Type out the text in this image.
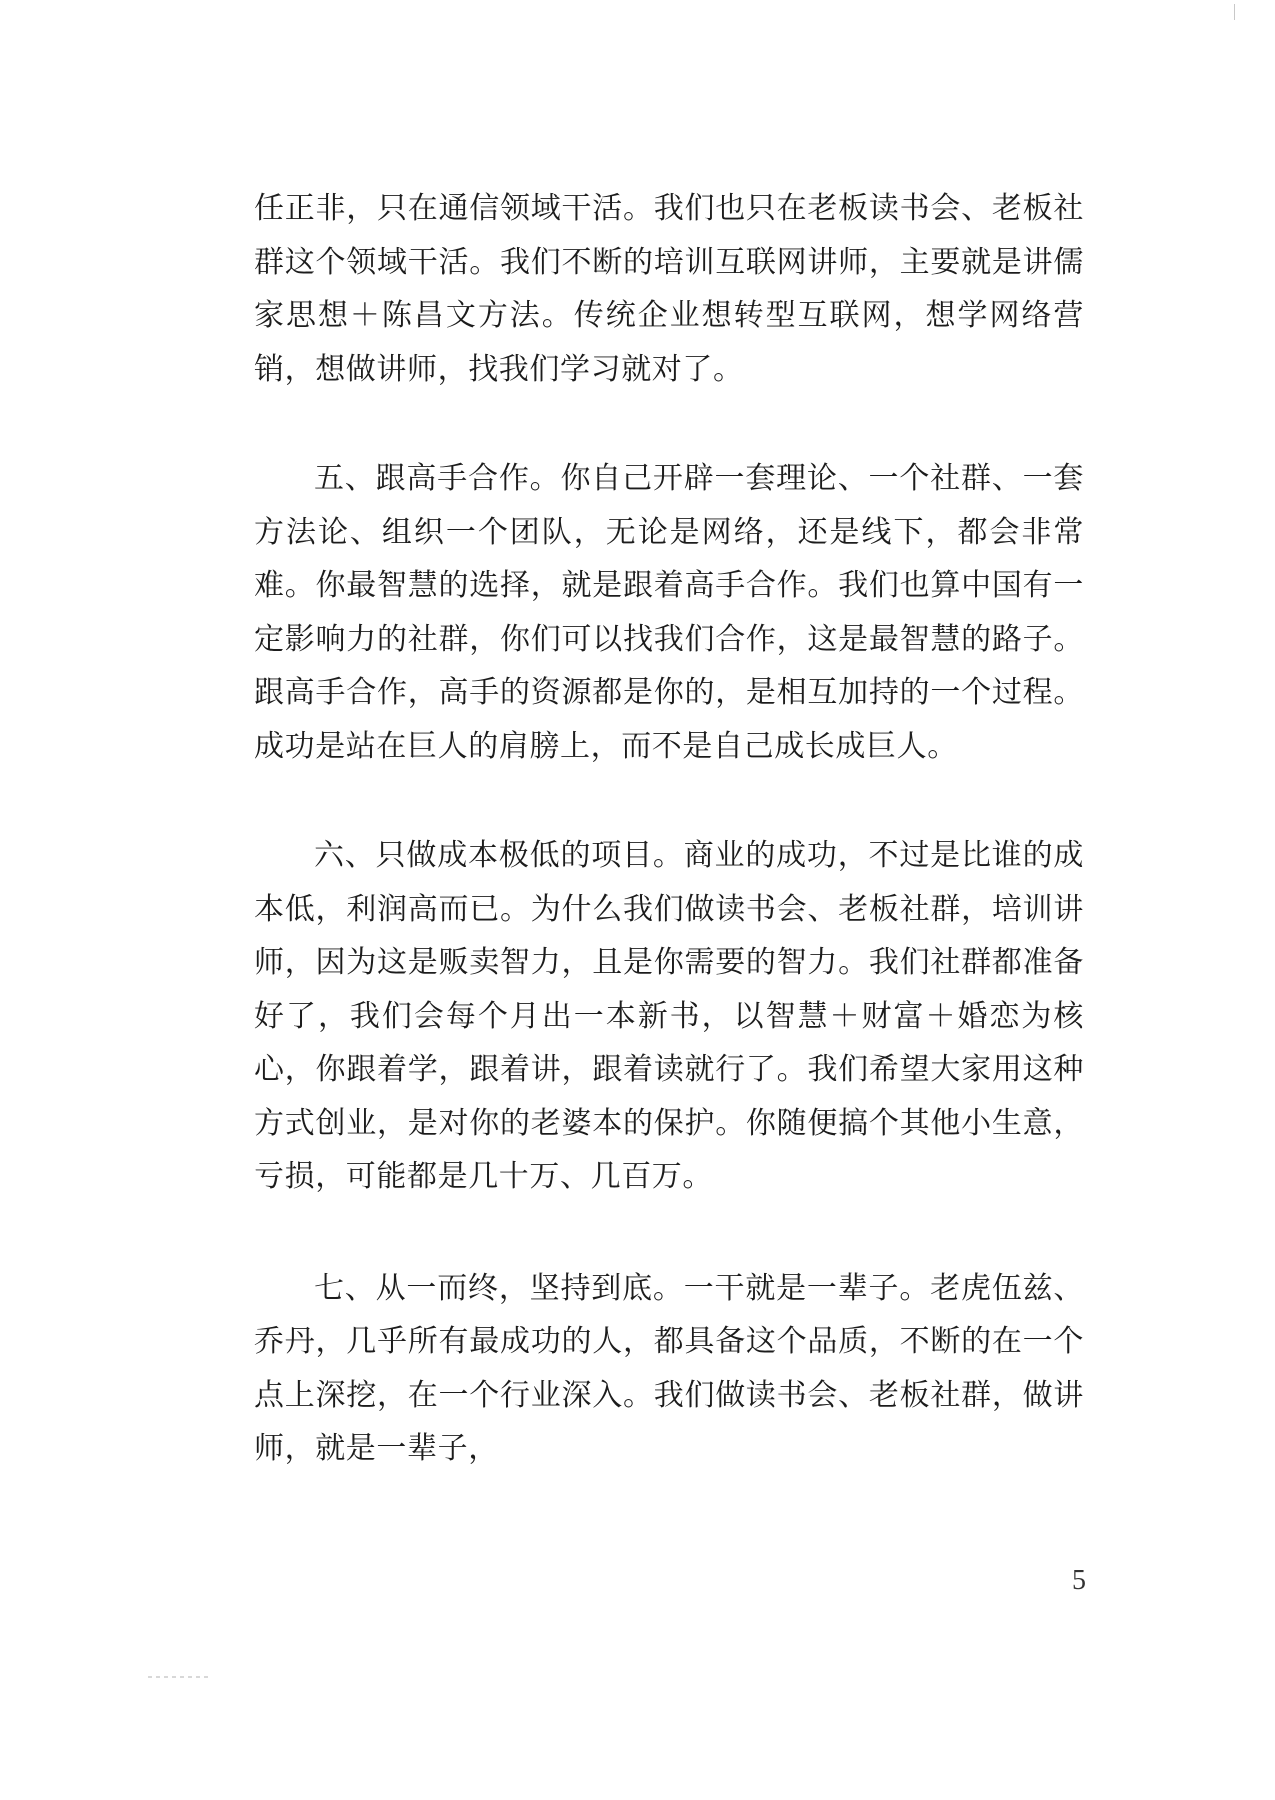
任正非，只在通信领域干活。我们也只在老板读书会、老板社群这个领域干活。我们不断的培训互联网讲师，主要就是讲儒家思想＋陈昌文方法。传统企业想转型互联网，想学网络营销，想做讲师，找我们学习就对了。

五、跟高手合作。你自己开辟一套理论、一个社群、一套方法论、组织一个团队，无论是网络，还是线下，都会非常难。你最智慧的选择，就是跟着高手合作。我们也算中国有一定影响力的社群，你们可以找我们合作，这是最智慧的路子。跟高手合作，高手的资源都是你的，是相互加持的一个过程。成功是站在巨人的肩膀上，而不是自己成长成巨人。

六、只做成本极低的项目。商业的成功，不过是比谁的成本低，利润高而已。为什么我们做读书会、老板社群，培训讲师，因为这是贩卖智力，且是你需要的智力。我们社群都准备好了，我们会每个月出一本新书，以智慧＋财富＋婚恋为核心，你跟着学，跟着讲，跟着读就行了。我们希望大家用这种方式创业，是对你的老婆本的保护。你随便搞个其他小生意，亏损，可能都是几十万、几百万。

七、从一而终，坚持到底。一干就是一辈子。老虎伍兹、乔丹，几乎所有最成功的人，都具备这个品质，不断的在一个点上深挖，在一个行业深入。我们做读书会、老板社群，做讲师，就是一辈子，

5
